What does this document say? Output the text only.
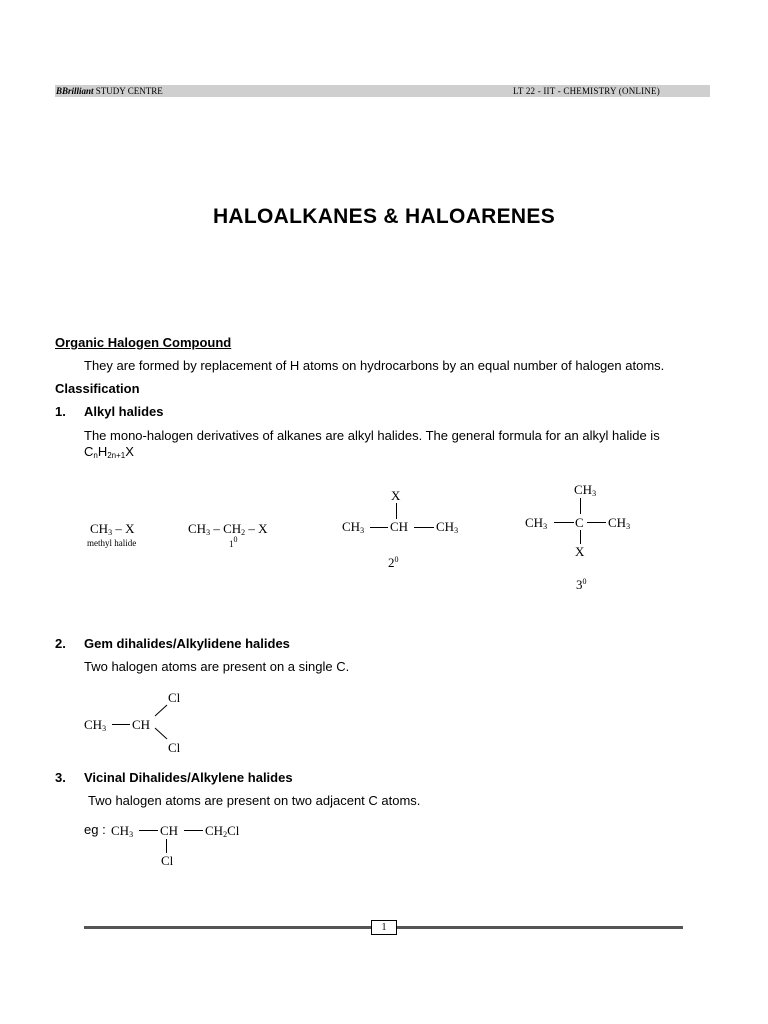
BBrilliant STUDY CENTRE	LT 22 - IIT - CHEMISTRY (ONLINE)
HALOALKANES & HALOARENES
Organic Halogen Compound
They are formed by replacement of H atoms on hydrocarbons by an equal number of halogen atoms.
Classification
1. Alkyl halides
The mono-halogen derivatives of alkanes are alkyl halides. The general formula for an alkyl halide is
$C_nH_{2n+1}X$
$CH_3$ – X
methyl halide
$CH_3 - CH_2$ – X
$1^0$
X
$CH_3$ CH $CH_3$
$2^0$
$CH_3$
$CH_3$ C $CH_3$
X
$3^0$
2. Gem dihalides/Alkylidene halides
Two halogen atoms are present on a single C.
Cl
$CH_3$ CH
Cl
3. Vicinal Dihalides/Alkylene halides
Two halogen atoms are present on two adjacent C atoms.
eg : $CH_3$ CH $CH_2Cl$
Cl
1
